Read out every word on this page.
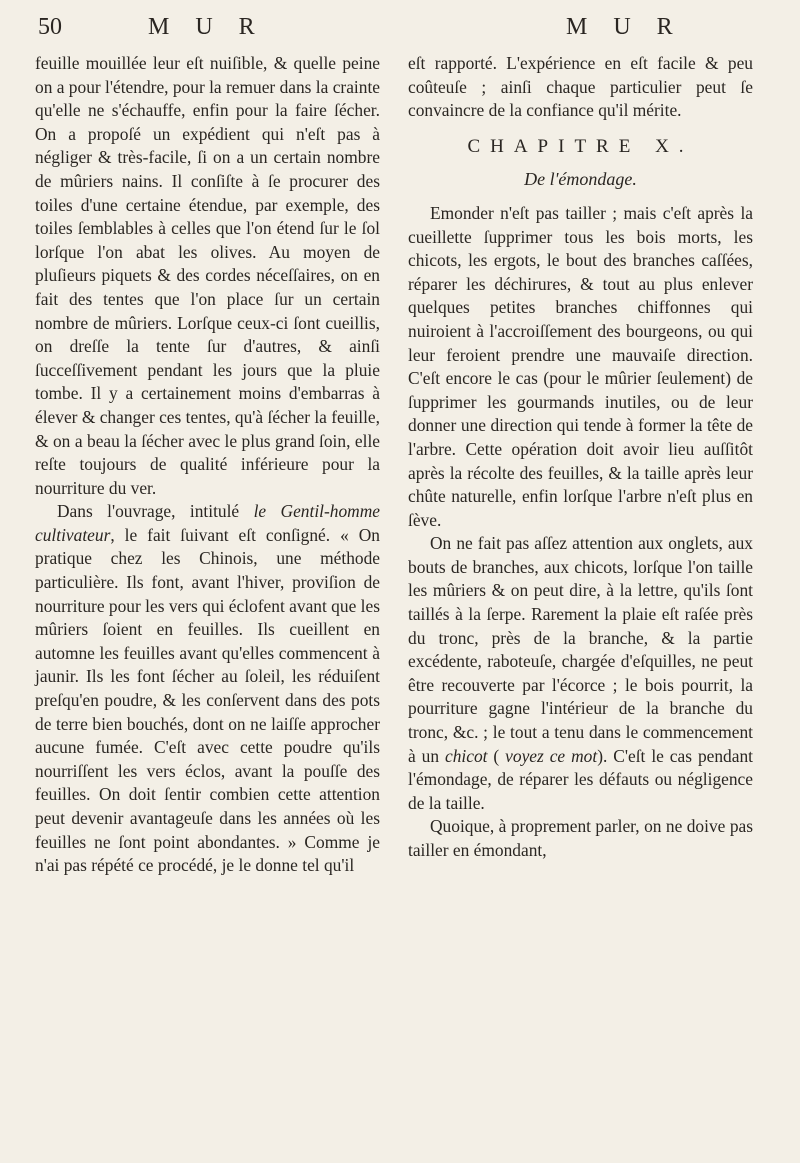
50	M U R	M U R

feuille mouillée leur eſt nuiſible, & quelle peine on a pour l'étendre, pour la remuer dans la crainte qu'elle ne s'échauffe, enfin pour la faire ſécher. On a propoſé un expédient qui n'eſt pas à négliger & très-facile, ſi on a un certain nombre de mûriers nains. Il conſiſte à ſe procurer des toiles d'une certaine étendue, par exemple, des toiles ſemblables à celles que l'on étend ſur le ſol lorſque l'on abat les olives. Au moyen de pluſieurs piquets & des cordes néceſſaires, on en fait des tentes que l'on place ſur un certain nombre de mûriers. Lorſque ceux-ci ſont cueillis, on dreſſe la tente ſur d'autres, & ainſi ſucceſſivement pendant les jours que la pluie tombe. Il y a certainement moins d'embarras à élever & changer ces tentes, qu'à ſécher la feuille, & on a beau la ſécher avec le plus grand ſoin, elle reſte toujours de qualité inférieure pour la nourriture du ver.

Dans l'ouvrage, intitulé le Gentil-homme cultivateur, le fait ſuivant eſt conſigné. « On pratique chez les Chinois, une méthode particulière. Ils font, avant l'hiver, proviſion de nourriture pour les vers qui éclofent avant que les mûriers ſoient en feuilles. Ils cueillent en automne les feuilles avant qu'elles commencent à jaunir. Ils les font ſécher au ſoleil, les réduiſent preſqu'en poudre, & les conſervent dans des pots de terre bien bouchés, dont on ne laiſſe approcher aucune fumée. C'eſt avec cette poudre qu'ils nourriſſent les vers éclos, avant la pouſſe des feuilles. On doit ſentir combien cette attention peut devenir avantageuſe dans les années où les feuilles ne ſont point abondantes. » Comme je n'ai pas répété ce procédé, je le donne tel qu'il

eſt rapporté. L'expérience en eſt facile & peu coûteuſe ; ainſi chaque particulier peut ſe convaincre de la confiance qu'il mérite.

CHAPITRE X.
De l'émondage.

Emonder n'eſt pas tailler ; mais c'eſt après la cueillette ſupprimer tous les bois morts, les chicots, les ergots, le bout des branches caſſées, réparer les déchirures, & tout au plus enlever quelques petites branches chiffonnes qui nuiroient à l'accroiſſement des bourgeons, ou qui leur feroient prendre une mauvaiſe direction. C'eſt encore le cas (pour le mûrier ſeulement) de ſupprimer les gourmands inutiles, ou de leur donner une direction qui tende à former la tête de l'arbre. Cette opération doit avoir lieu auſſitôt après la récolte des feuilles, & la taille après leur chûte naturelle, enfin lorſque l'arbre n'eſt plus en ſève.

On ne fait pas aſſez attention aux onglets, aux bouts de branches, aux chicots, lorſque l'on taille les mûriers & on peut dire, à la lettre, qu'ils ſont taillés à la ſerpe. Rarement la plaie eſt raſée près du tronc, près de la branche, & la partie excédente, raboteuſe, chargée d'eſquilles, ne peut être recouverte par l'écorce ; le bois pourrit, la pourriture gagne l'intérieur de la branche du tronc, &c. ; le tout a tenu dans le commencement à un chicot ( voyez ce mot). C'eſt le cas pendant l'émondage, de réparer les défauts ou négligence de la taille.

Quoique, à proprement parler, on ne doive pas tailler en émondant,
